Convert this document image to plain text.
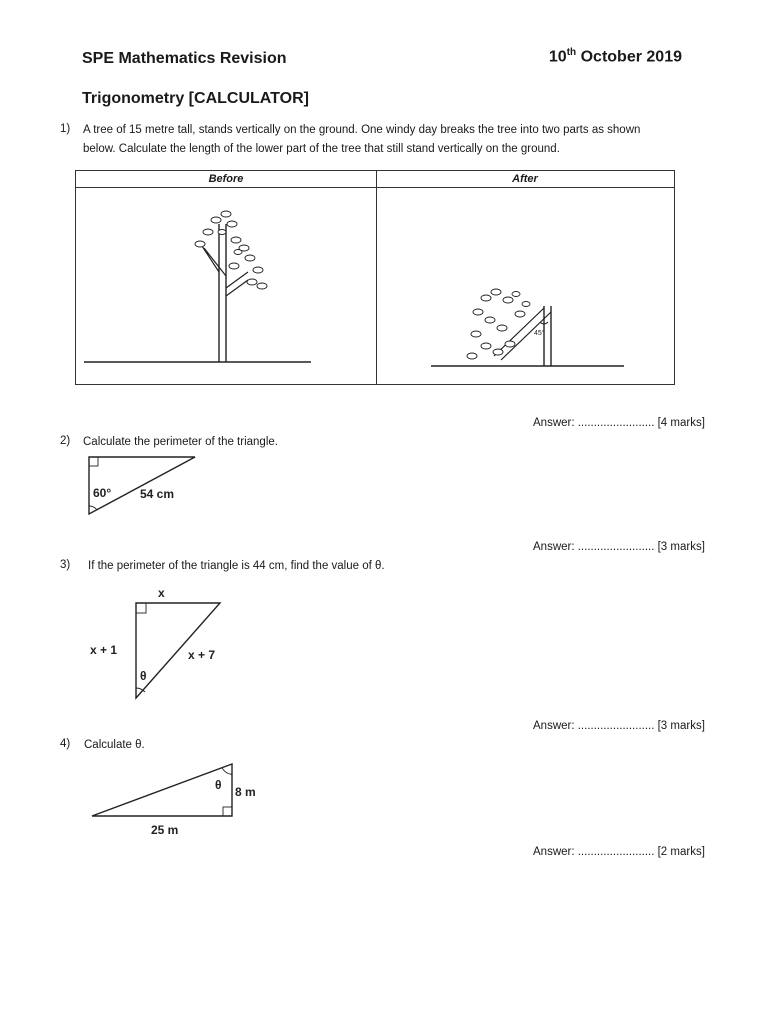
SPE Mathematics Revision	10th October 2019
Trigonometry [CALCULATOR]
1) A tree of 15 metre tall, stands vertically on the ground. One windy day breaks the tree into two parts as shown
below. Calculate the length of the lower part of the tree that still stand vertically on the ground.
Before	After
45°
Answer: ........................ [4 marks]
2) Calculate the perimeter of the triangle.
60° 54 cm
Answer: ........................ [3 marks]
3) If the perimeter of the triangle is 44 cm, find the value of θ.
x
x + 1	x + 7
θ
Answer: ........................ [3 marks]
4) Calculate θ.
θ 8 m
25 m
Answer: ........................ [2 marks]
